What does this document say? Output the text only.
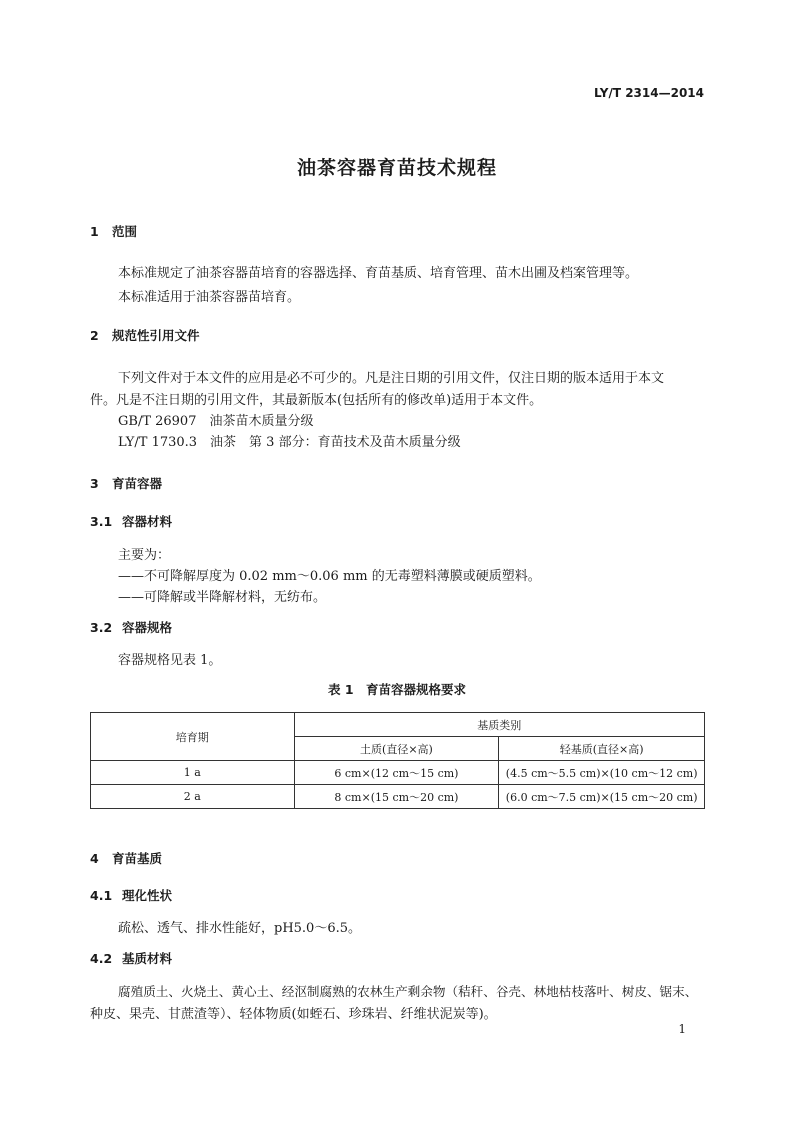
LY/T 2314—2014
油茶容器育苗技术规程
1 范围
本标准规定了油茶容器苗培育的容器选择、育苗基质、培育管理、苗木出圃及档案管理等。
本标准适用于油茶容器苗培育。
2 规范性引用文件
下列文件对于本文件的应用是必不可少的。凡是注日期的引用文件，仅注日期的版本适用于本文
件。凡是不注日期的引用文件，其最新版本(包括所有的修改单)适用于本文件。
GB/T 26907　油茶苗木质量分级
LY/T 1730.3　油茶　第 3 部分：育苗技术及苗木质量分级
3 育苗容器
3.1 容器材料
主要为：
——不可降解厚度为 0.02 mm～0.06 mm 的无毒塑料薄膜或硬质塑料。
——可降解或半降解材料，无纺布。
3.2 容器规格
容器规格见表 1。
表 1　育苗容器规格要求
培育期	基质类别	
	土质(直径×高)	轻基质(直径×高)
1 a	6 cm×(12 cm～15 cm)	(4.5 cm～5.5 cm)×(10 cm～12 cm)
2 a	8 cm×(15 cm～20 cm)	(6.0 cm～7.5 cm)×(15 cm～20 cm)
4 育苗基质
4.1 理化性状
疏松、透气、排水性能好，pH5.0～6.5。
4.2 基质材料
腐殖质土、火烧土、黄心土、经沤制腐熟的农林生产剩余物（秸秆、谷壳、林地枯枝落叶、树皮、锯末、
种皮、果壳、甘蔗渣等）、轻体物质(如蛭石、珍珠岩、纤维状泥炭等)。
1
